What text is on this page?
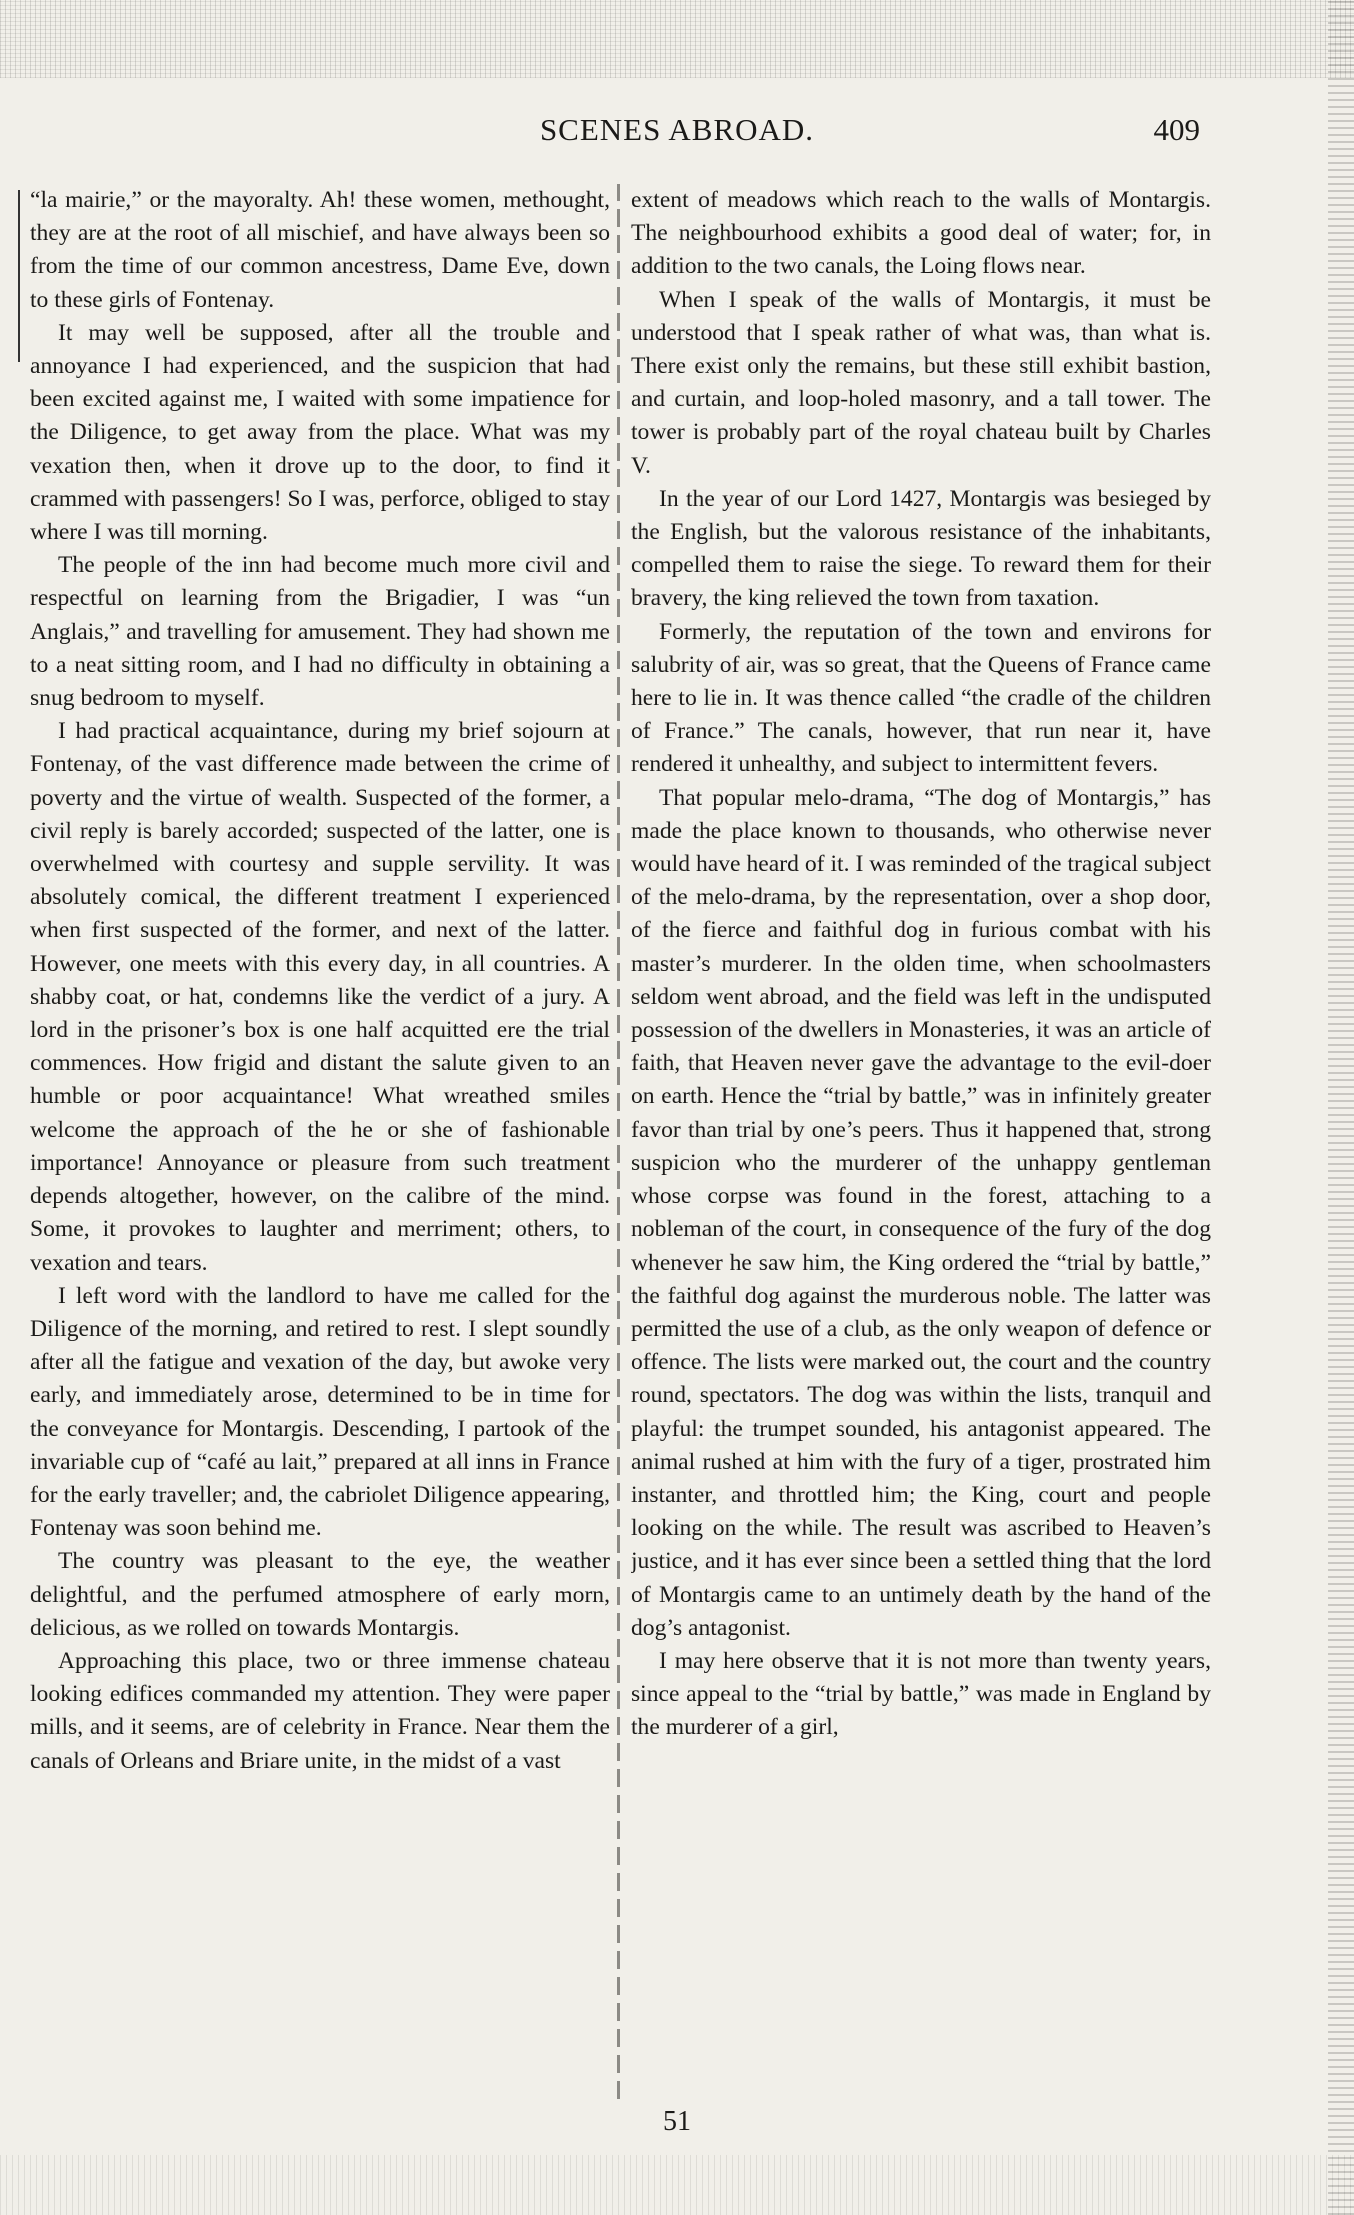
SCENES ABROAD.	409

“la mairie,” or the mayoralty. Ah! these women, methought, they are at the root of all mischief, and have always been so from the time of our common ancestress, Dame Eve, down to these girls of Fontenay.

It may well be supposed, after all the trouble and annoyance I had experienced, and the suspicion that had been excited against me, I waited with some impatience for the Diligence, to get away from the place. What was my vexation then, when it drove up to the door, to find it crammed with passengers! So I was, perforce, obliged to stay where I was till morning.

The people of the inn had become much more civil and respectful on learning from the Brigadier, I was “un Anglais,” and travelling for amusement. They had shown me to a neat sitting room, and I had no difficulty in obtaining a snug bedroom to myself.

I had practical acquaintance, during my brief sojourn at Fontenay, of the vast difference made between the crime of poverty and the virtue of wealth. Suspected of the former, a civil reply is barely accorded; suspected of the latter, one is overwhelmed with courtesy and supple servility. It was absolutely comical, the different treatment I experienced when first suspected of the former, and next of the latter. However, one meets with this every day, in all countries. A shabby coat, or hat, condemns like the verdict of a jury. A lord in the prisoner’s box is one half acquitted ere the trial commences. How frigid and distant the salute given to an humble or poor acquaintance! What wreathed smiles welcome the approach of the he or she of fashionable importance! Annoyance or pleasure from such treatment depends altogether, however, on the calibre of the mind. Some, it provokes to laughter and merriment; others, to vexation and tears.

I left word with the landlord to have me called for the Diligence of the morning, and retired to rest. I slept soundly after all the fatigue and vexation of the day, but awoke very early, and immediately arose, determined to be in time for the conveyance for Montargis. Descending, I partook of the invariable cup of “café au lait,” prepared at all inns in France for the early traveller; and, the cabriolet Diligence appearing, Fontenay was soon behind me.

The country was pleasant to the eye, the weather delightful, and the perfumed atmosphere of early morn, delicious, as we rolled on towards Montargis.

Approaching this place, two or three immense chateau looking edifices commanded my attention. They were paper mills, and it seems, are of celebrity in France. Near them the canals of Orleans and Briare unite, in the midst of a vast

extent of meadows which reach to the walls of Montargis. The neighbourhood exhibits a good deal of water; for, in addition to the two canals, the Loing flows near.

When I speak of the walls of Montargis, it must be understood that I speak rather of what was, than what is. There exist only the remains, but these still exhibit bastion, and curtain, and loop-holed masonry, and a tall tower. The tower is probably part of the royal chateau built by Charles V.

In the year of our Lord 1427, Montargis was besieged by the English, but the valorous resistance of the inhabitants, compelled them to raise the siege. To reward them for their bravery, the king relieved the town from taxation.

Formerly, the reputation of the town and environs for salubrity of air, was so great, that the Queens of France came here to lie in. It was thence called “the cradle of the children of France.” The canals, however, that run near it, have rendered it unhealthy, and subject to intermittent fevers.

That popular melo-drama, “The dog of Montargis,” has made the place known to thousands, who otherwise never would have heard of it. I was reminded of the tragical subject of the melo-drama, by the representation, over a shop door, of the fierce and faithful dog in furious combat with his master’s murderer. In the olden time, when schoolmasters seldom went abroad, and the field was left in the undisputed possession of the dwellers in Monasteries, it was an article of faith, that Heaven never gave the advantage to the evil-doer on earth. Hence the “trial by battle,” was in infinitely greater favor than trial by one’s peers. Thus it happened that, strong suspicion who the murderer of the unhappy gentleman whose corpse was found in the forest, attaching to a nobleman of the court, in consequence of the fury of the dog whenever he saw him, the King ordered the “trial by battle,” the faithful dog against the murderous noble. The latter was permitted the use of a club, as the only weapon of defence or offence. The lists were marked out, the court and the country round, spectators. The dog was within the lists, tranquil and playful: the trumpet sounded, his antagonist appeared. The animal rushed at him with the fury of a tiger, prostrated him instanter, and throttled him; the King, court and people looking on the while. The result was ascribed to Heaven’s justice, and it has ever since been a settled thing that the lord of Montargis came to an untimely death by the hand of the dog’s antagonist.

I may here observe that it is not more than twenty years, since appeal to the “trial by battle,” was made in England by the murderer of a girl,

51
